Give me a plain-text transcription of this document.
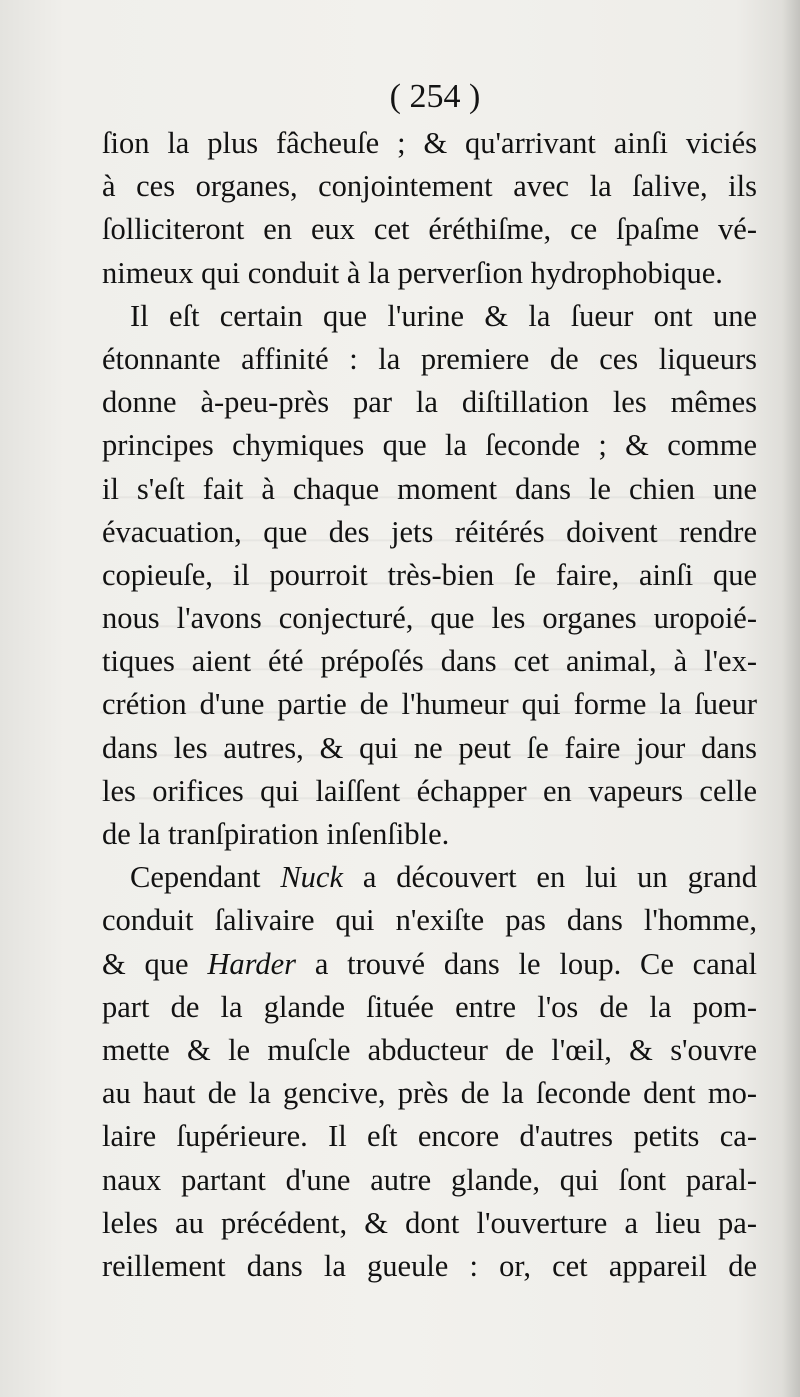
( 254 )
ſion la plus fâcheuſe ; & qu'arrivant ainſi viciés
à ces organes, conjointement avec la ſalive, ils
ſolliciteront en eux cet éréthiſme, ce ſpaſme vé-
nimeux qui conduit à la perverſion hydrophobique.
Il eſt certain que l'urine & la ſueur ont une
étonnante affinité : la premiere de ces liqueurs
donne à-peu-près par la diſtillation les mêmes
principes chymiques que la ſeconde ; & comme
il s'eſt fait à chaque moment dans le chien une
évacuation, que des jets réitérés doivent rendre
copieuſe, il pourroit très-bien ſe faire, ainſi que
nous l'avons conjecturé, que les organes uropoié-
tiques aient été prépoſés dans cet animal, à l'ex-
crétion d'une partie de l'humeur qui forme la ſueur
dans les autres, & qui ne peut ſe faire jour dans
les orifices qui laiſſent échapper en vapeurs celle
de la tranſpiration inſenſible.
Cependant Nuck a découvert en lui un grand
conduit ſalivaire qui n'exiſte pas dans l'homme,
& que Harder a trouvé dans le loup. Ce canal
part de la glande ſituée entre l'os de la pom-
mette & le muſcle abducteur de l'œil, & s'ouvre
au haut de la gencive, près de la ſeconde dent mo-
laire ſupérieure. Il eſt encore d'autres petits ca-
naux partant d'une autre glande, qui ſont paral-
leles au précédent, & dont l'ouverture a lieu pa-
reillement dans la gueule : or, cet appareil de
